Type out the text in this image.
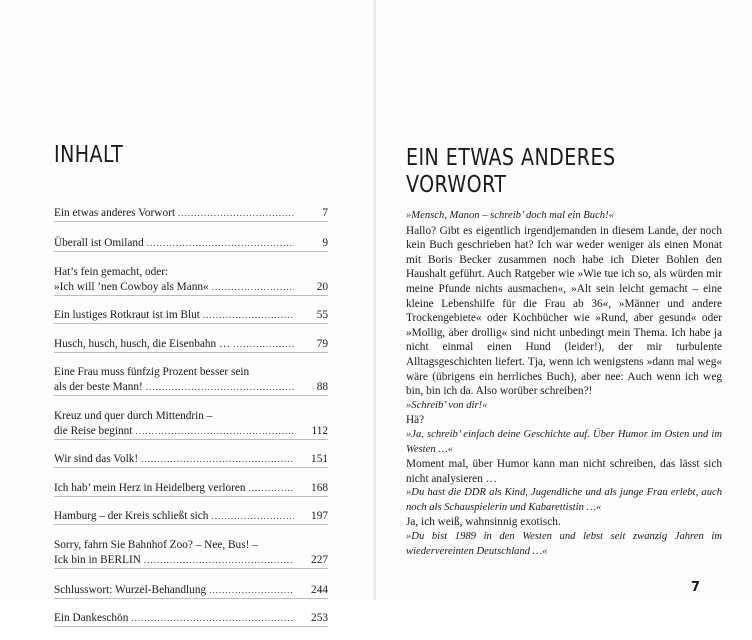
INHALT
Ein etwas anderes Vorwort .....	7
Überall ist Omiland .....	9
Hat’s fein gemacht, oder:
»Ich will ’nen Cowboy als Mann« .....	20
Ein lustiges Rotkraut ist im Blut .....	55
Husch, husch, husch, die Eisenbahn … .....	79
Eine Frau muss fünfzig Prozent besser sein
als der beste Mann! .....	88
Kreuz und quer durch Mittendrin –
die Reise beginnt .....	112
Wir sind das Volk! .....	151
Ich hab’ mein Herz in Heidelberg verloren .....	168
Hamburg – der Kreis schließt sich .....	197
Sorry, fahrn Sie Bahnhof Zoo? – Nee, Bus! –
Ick bin in BERLIN .....	227
Schlusswort: Wurzel-Behandlung .....	244
Ein Dankeschön .....	253
EIN ETWAS ANDERES VORWORT

»Mensch, Manon – schreib’ doch mal ein Buch!«

Hallo? Gibt es eigentlich irgendjemanden in diesem Lande, der noch kein Buch geschrieben hat? Ich war weder weniger als einen Monat mit Boris Becker zusammen noch habe ich Dieter Bohlen den Haushalt geführt. Auch Ratgeber wie »Wie tue ich so, als würden mir meine Pfunde nichts ausmachen«, »Alt sein leicht gemacht – eine kleine Lebenshilfe für die Frau ab 36«, »Männer und andere Trockengebiete« oder Kochbücher wie »Rund, aber gesund« oder »Mollig, aber drollig« sind nicht unbedingt mein Thema. Ich habe ja nicht einmal einen Hund (leider!), der mir turbulente Alltagsgeschichten liefert. Tja, wenn ich wenigstens »dann mal weg« wäre (übrigens ein herrliches Buch), aber nee: Auch wenn ich weg bin, bin ich da. Also worüber schreiben?!

»Schreib’ von dir!«

Hä?

»Ja, schreib’ einfach deine Geschichte auf. Über Humor im Osten und im Westen …«

Moment mal, über Humor kann man nicht schreiben, das lässt sich nicht analysieren …

»Du hast die DDR als Kind, Jugendliche und als junge Frau erlebt, auch noch als Schauspielerin und Kabarettistin …«

Ja, ich weiß, wahnsinnig exotisch.

»Du bist 1989 in den Westen und lebst seit zwanzig Jahren im wiedervereinten Deutschland …«

7
